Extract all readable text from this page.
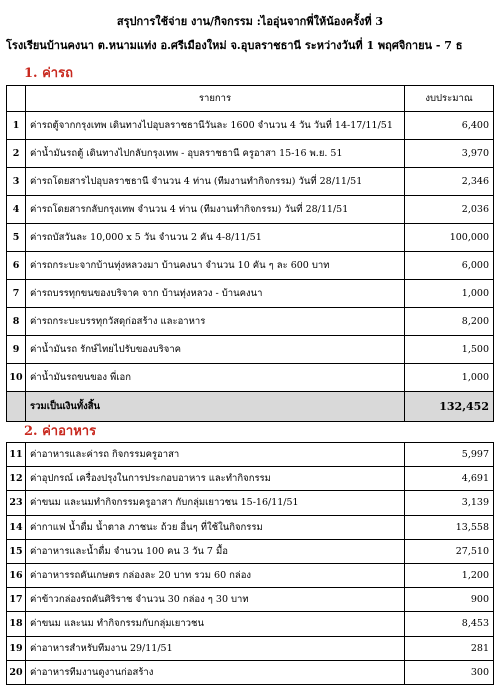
สรุปการใช้จ่าย งาน/กิจกรรม :ไออุ่นจากพี่ให้น้องครั้งที่ 3
โรงเรียนบ้านคงนา ต.หนามแท่ง อ.ศรีเมืองใหม่ จ.อุบลราชธานี ระหว่างวันที่ 1 พฤศจิกายน - 7 ธ
1. ค่ารถ
	รายการ	งบประมาณ
1	ค่ารถตู้จากกรุงเทพ เดินทางไปอุบลราชธานีวันละ 1600 จำนวน 4 วัน วันที่ 14-17/11/51	6,400
2	ค่าน้ำมันรถตู้ เดินทางไปกลับกรุงเทพ - อุบลราชธานี ครูอาสา 15-16 พ.ย. 51	3,970
3	ค่ารถโดยสารไปอุบลราชธานี จำนวน 4 ท่าน (ทีมงานทำกิจกรรม) วันที่ 28/11/51	2,346
4	ค่ารถโดยสารกลับกรุงเทพ จำนวน 4 ท่าน (ทีมงานทำกิจกรรม) วันที่ 28/11/51	2,036
5	ค่ารถบัสวันละ 10,000 x 5 วัน จำนวน 2 คัน 4-8/11/51	100,000
6	ค่ารถกระบะจากบ้านทุ่งหลวงมา บ้านคงนา จำนวน 10 คัน ๆ ละ 600 บาท	6,000
7	ค่ารถบรรทุกขนของบริจาค จาก บ้านทุ่งหลวง - บ้านคงนา	1,000
8	ค่ารถกระบะบรรทุกวัสดุก่อสร้าง และอาหาร	8,200
9	ค่าน้ำมันรถ รักษ์ไทยไปรับของบริจาค	1,500
10	ค่าน้ำมันรถขนของ พี่เอก	1,000
	รวมเป็นเงินทั้งสิ้น	132,452
2. ค่าอาหาร
11	ค่าอาหารและค่ารถ กิจกรรมครูอาสา	5,997
12	ค่าอุปกรณ์ เครื่องปรุงในการประกอบอาหาร และทำกิจกรรม	4,691
23	ค่าขนม และนมทำกิจกรรมครูอาสา กับกลุ่มเยาวชน 15-16/11/51	3,139
14	ค่ากาแฟ น้ำดื่ม น้ำตาล ภาชนะ ถ้วย อื่นๆ ที่ใช้ในกิจกรรม	13,558
15	ค่าอาหารและน้ำดื่ม จำนวน 100 คน 3 วัน 7 มื้อ	27,510
16	ค่าอาหารรถคันเกษตร กล่องละ 20 บาท รวม 60 กล่อง	1,200
17	ค่าข้าวกล่องรถคันศิริราช จำนวน 30 กล่อง ๆ 30 บาท	900
18	ค่าขนม และนม ทำกิจกรรมกับกลุ่มเยาวชน	8,453
19	ค่าอาหารสำหรับทีมงาน 29/11/51	281
20	ค่าอาหารทีมงานดูงานก่อสร้าง	300
